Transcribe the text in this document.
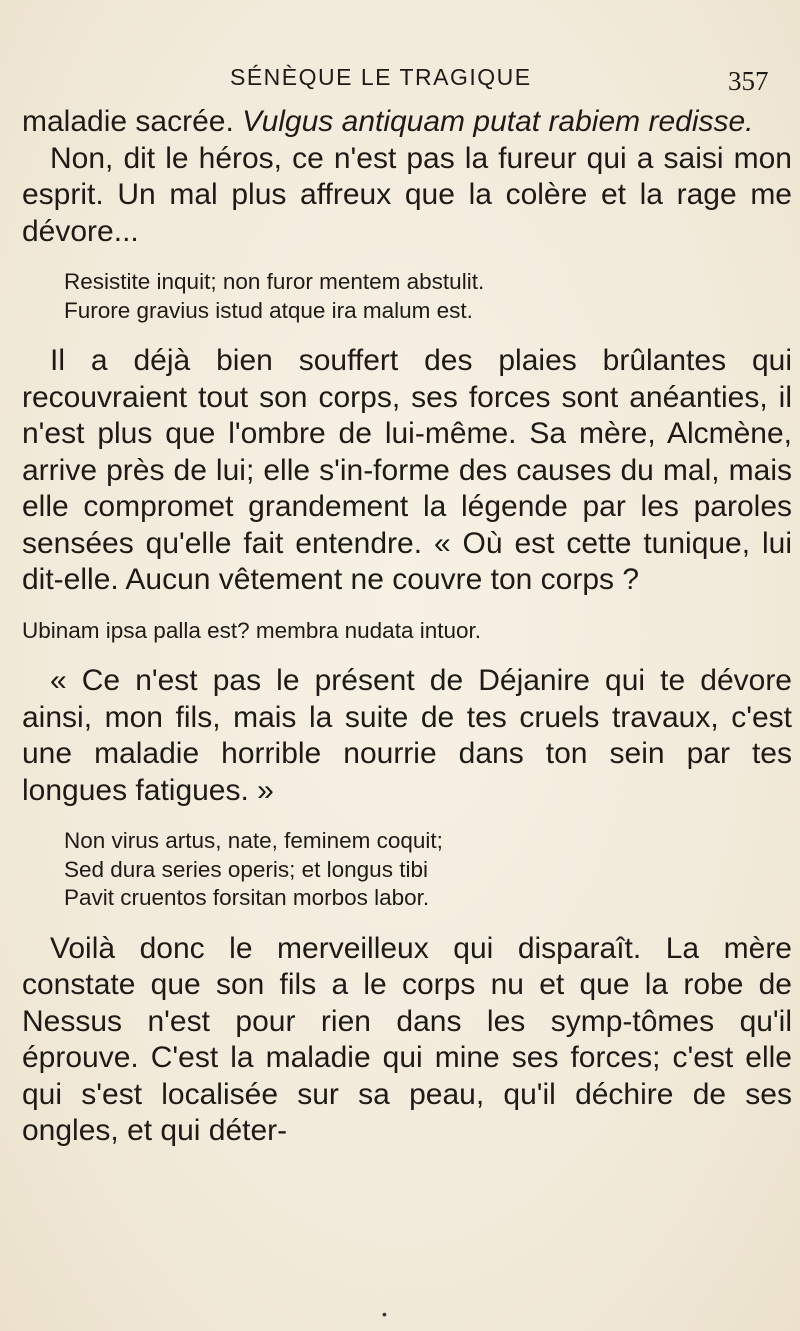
SÉNÈQUE LE TRAGIQUE	357

maladie sacrée. Vulgus antiquam putat rabiem redisse.

Non, dit le héros, ce n'est pas la fureur qui a saisi mon esprit. Un mal plus affreux que la colère et la rage me dévore...

Resistite inquit; non furor mentem abstulit.
Furore gravius istud atque ira malum est.

Il a déjà bien souffert des plaies brûlantes qui recouvraient tout son corps, ses forces sont anéanties, il n'est plus que l'ombre de lui-même. Sa mère, Alcmène, arrive près de lui; elle s'in-forme des causes du mal, mais elle compromet grandement la légende par les paroles sensées qu'elle fait entendre. « Où est cette tunique, lui dit-elle. Aucun vêtement ne couvre ton corps ?

Ubinam ipsa palla est? membra nudata intuor.

« Ce n'est pas le présent de Déjanire qui te dévore ainsi, mon fils, mais la suite de tes cruels travaux, c'est une maladie horrible nourrie dans ton sein par tes longues fatigues. »

Non virus artus, nate, feminem coquit;
Sed dura series operis; et longus tibi
Pavit cruentos forsitan morbos labor.

Voilà donc le merveilleux qui disparaît. La mère constate que son fils a le corps nu et que la robe de Nessus n'est pour rien dans les symp-tômes qu'il éprouve. C'est la maladie qui mine ses forces; c'est elle qui s'est localisée sur sa peau, qu'il déchire de ses ongles, et qui déter-

•
